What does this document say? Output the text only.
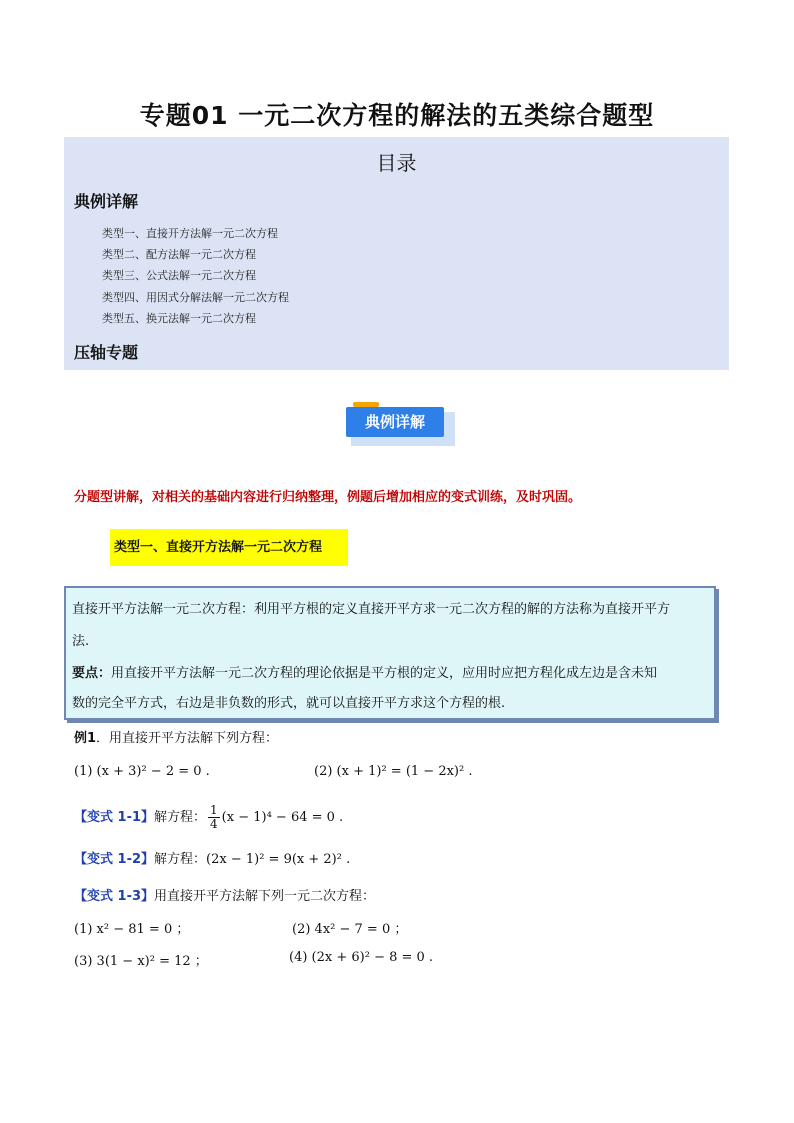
专题01 一元二次方程的解法的五类综合题型
目录
典例详解
类型一、直接开方法解一元二次方程
类型二、配方法解一元二次方程
类型三、公式法解一元二次方程
类型四、用因式分解法解一元二次方程
类型五、换元法解一元二次方程
压轴专题
典例详解
分题型讲解，对相关的基础内容进行归纳整理，例题后增加相应的变式训练，及时巩固。
类型一、直接开方法解一元二次方程
直接开平方法解一元二次方程：利用平方根的定义直接开平方求一元二次方程的解的方法称为直接开平方
法.
要点：用直接开平方法解一元二次方程的理论依据是平方根的定义，应用时应把方程化成左边是含未知
数的完全平方式，右边是非负数的形式，就可以直接开平方求这个方程的根.
例1．用直接开平方法解下列方程：
(1) (x + 3)² − 2 = 0 .	(2) (x + 1)² = (1 − 2x)² .
【变式 1-1】解方程： $\frac{1}{4} (x - 1)^4 - 64 = 0$ .
【变式 1-2】解方程：(2x − 1)² = 9(x + 2)² .
【变式 1-3】用直接开平方法解下列一元二次方程：
(1) x² − 81 = 0 ；	(2) 4x² − 7 = 0 ；
(3) 3(1 − x)² = 12 ；	(4) (2x + 6)² − 8 = 0 .
